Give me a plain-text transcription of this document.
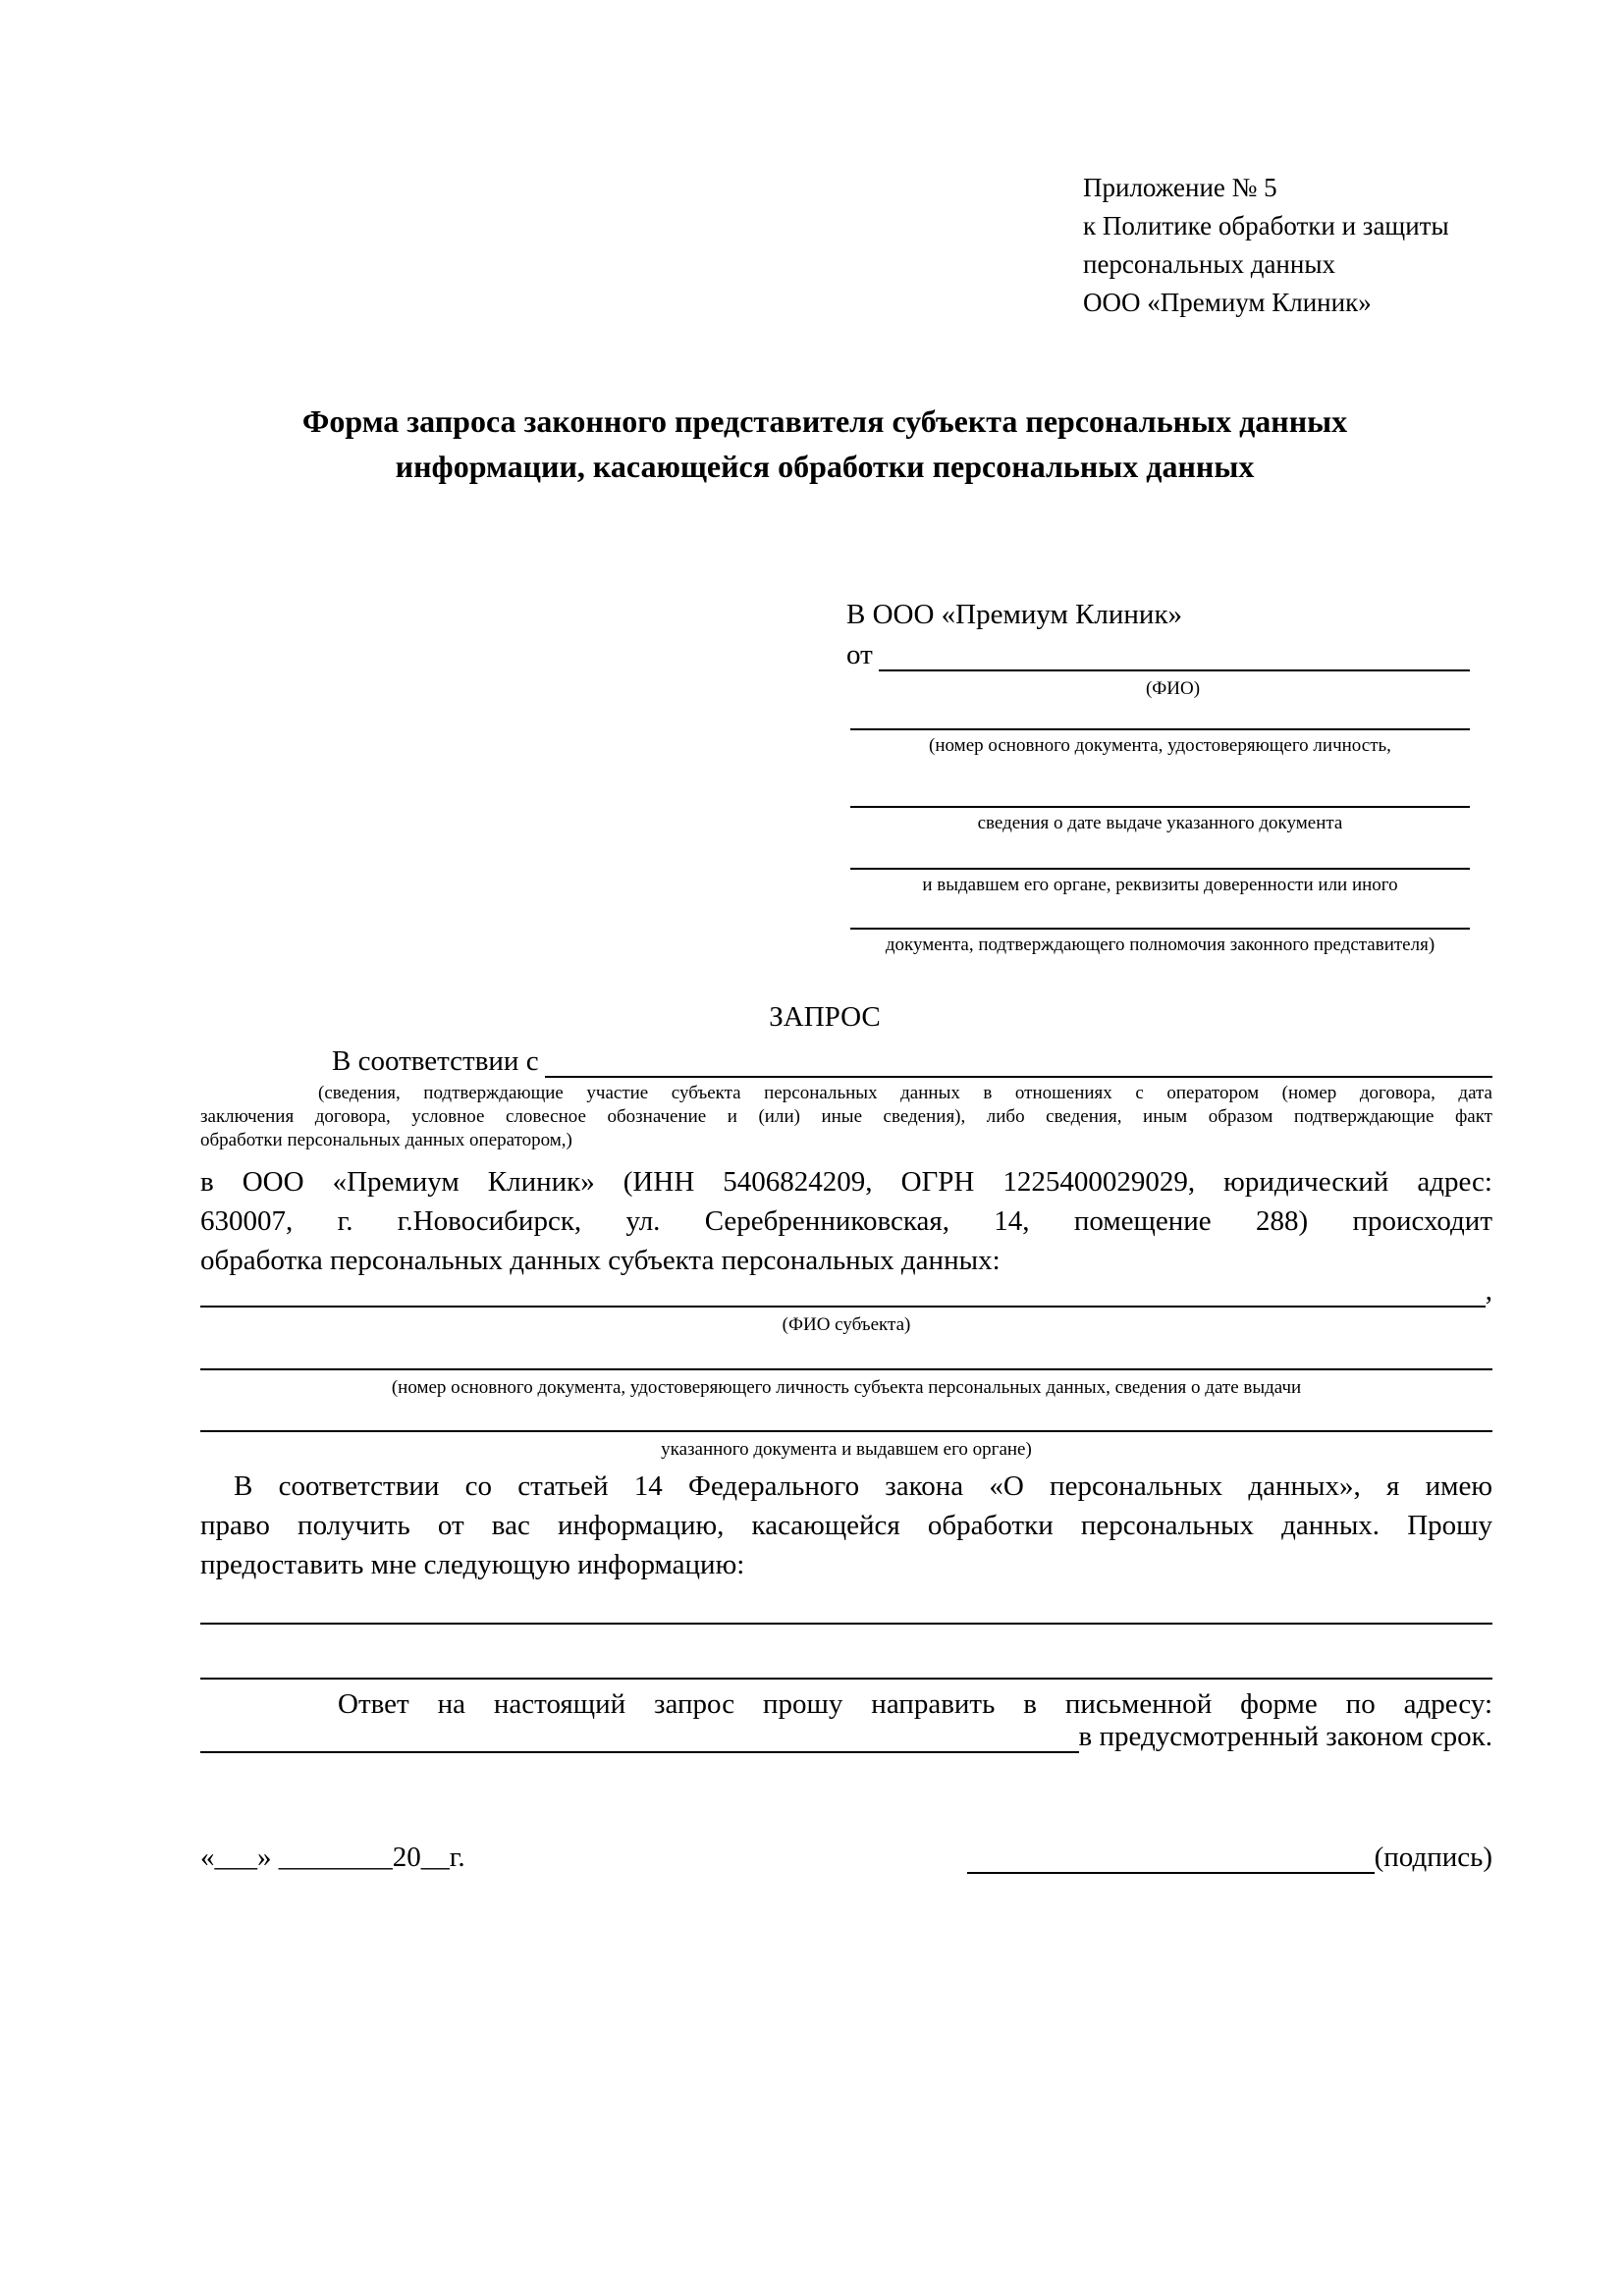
Приложение № 5
к Политике обработки и защиты
персональных данных
ООО «Премиум Клиник»
Форма запроса законного представителя субъекта персональных данных
информации, касающейся обработки персональных данных
В ООО «Премиум Клиник»
от
(ФИО)
(номер основного документа, удостоверяющего личность,
сведения о дате выдаче указанного документа
и выдавшем его органе, реквизиты доверенности или иного
документа, подтверждающего полномочия законного представителя)
ЗАПРОС
В соответствии с
(сведения, подтверждающие участие субъекта персональных данных в отношениях с оператором (номер договора, дата
заключения договора, условное словесное обозначение и (или) иные сведения), либо сведения, иным образом подтверждающие факт
обработки персональных данных оператором,)
в ООО «Премиум Клиник» (ИНН 5406824209, ОГРН 1225400029029, юридический адрес:
630007, г. г.Новосибирск, ул. Серебренниковская, 14, помещение 288) происходит
обработка персональных данных субъекта персональных данных:
,
(ФИО субъекта)
(номер основного документа, удостоверяющего личность субъекта персональных данных, сведения о дате выдачи
указанного документа и выдавшем его органе)
В соответствии со статьей 14 Федерального закона «О персональных данных», я имею
право получить от вас информацию, касающейся обработки персональных данных. Прошу
предоставить мне следующую информацию:
Ответ на настоящий запрос прошу направить в письменной форме по адресу:
в предусмотренный законом срок.
«___» ________20__г.	(подпись)
